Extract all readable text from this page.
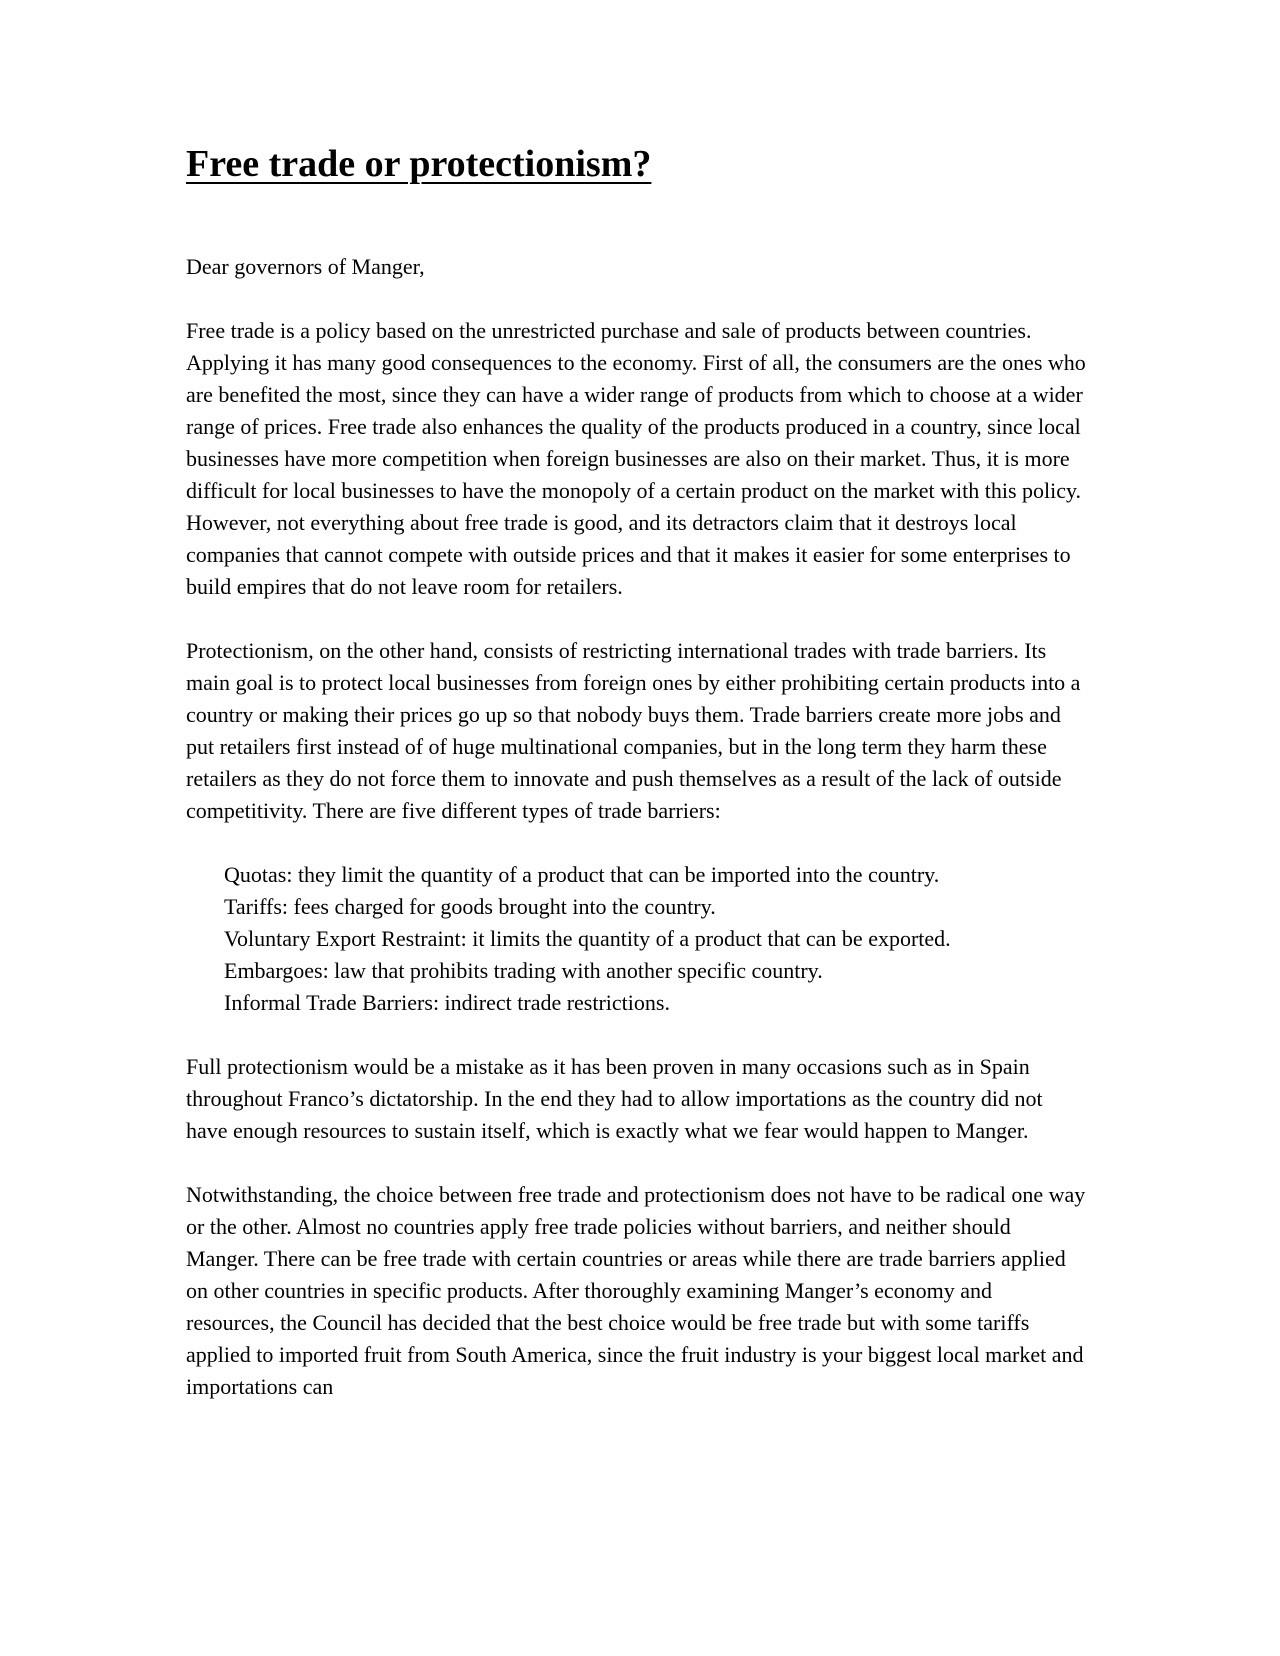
Free trade or protectionism?

Dear governors of Manger,

Free trade is a policy based on the unrestricted purchase and sale of products between countries. Applying it has many good consequences to the economy. First of all, the consumers are the ones who are benefited the most, since they can have a wider range of products from which to choose at a wider range of prices. Free trade also enhances the quality of the products produced in a country, since local businesses have more competition when foreign businesses are also on their market. Thus, it is more difficult for local businesses to have the monopoly of a certain product on the market with this policy. However, not everything about free trade is good, and its detractors claim that it destroys local companies that cannot compete with outside prices and that it makes it easier for some enterprises to build empires that do not leave room for retailers.

Protectionism, on the other hand, consists of restricting international trades with trade barriers. Its main goal is to protect local businesses from foreign ones by either prohibiting certain products into a country or making their prices go up so that nobody buys them. Trade barriers create more jobs and put retailers first instead of of huge multinational companies, but in the long term they harm these retailers as they do not force them to innovate and push themselves as a result of the lack of outside competitivity. There are five different types of trade barriers:

Quotas: they limit the quantity of a product that can be imported into the country.
Tariffs: fees charged for goods brought into the country.
Voluntary Export Restraint: it limits the quantity of a product that can be exported.
Embargoes: law that prohibits trading with another specific country.
Informal Trade Barriers: indirect trade restrictions.

Full protectionism would be a mistake as it has been proven in many occasions such as in Spain throughout Franco’s dictatorship. In the end they had to allow importations as the country did not have enough resources to sustain itself, which is exactly what we fear would happen to Manger.

Notwithstanding, the choice between free trade and protectionism does not have to be radical one way or the other. Almost no countries apply free trade policies without barriers, and neither should Manger. There can be free trade with certain countries or areas while there are trade barriers applied on other countries in specific products. After thoroughly examining Manger’s economy and resources, the Council has decided that the best choice would be free trade but with some tariffs applied to imported fruit from South America, since the fruit industry is your biggest local market and importations can
